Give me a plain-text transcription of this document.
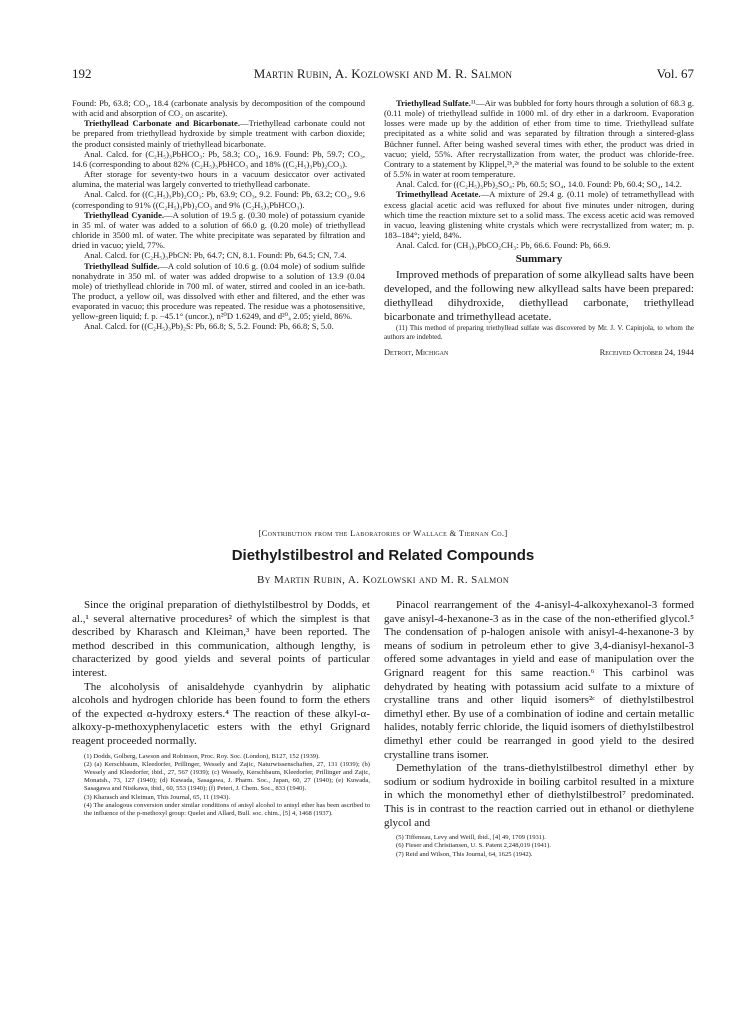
192	Martin Rubin, A. Kozlowski and M. R. Salmon	Vol. 67

Found: Pb, 63.8; CO₃, 18.4 (carbonate analysis by decomposition of the compound with acid and absorption of CO₂ on ascarite).

Triethyllead Carbonate and Bicarbonate.—Triethyllead carbonate could not be prepared from triethyllead hydroxide by simple treatment with carbon dioxide; the product consisted mainly of triethyllead bicarbonate.

Anal. Calcd. for (C₂H₅)₃PbHCO₃: Pb, 58.3; CO₃, 16.9. Found: Pb, 59.7; CO₃, 14.6 (corresponding to about 82% (C₂H₅)₃PbHCO₃ and 18% ((C₂H₅)₃Pb)₂CO₃).

After storage for seventy-two hours in a vacuum desiccator over activated alumina, the material was largely converted to triethyllead carbonate.

Anal. Calcd. for ((C₂H₅)₃Pb)₂CO₃: Pb, 63.9; CO₃, 9.2. Found: Pb, 63.2; CO₃, 9.6 (corresponding to 91% ((C₂H₅)₃Pb)₂CO₃ and 9% (C₂H₅)₃PbHCO₃).

Triethyllead Cyanide.—A solution of 19.5 g. (0.30 mole) of potassium cyanide in 35 ml. of water was added to a solution of 66.0 g. (0.20 mole) of triethyllead chloride in 3500 ml. of water. The white precipitate was separated by filtration and dried in vacuo; yield, 77%.

Anal. Calcd. for (C₂H₅)₃PbCN: Pb, 64.7; CN, 8.1. Found: Pb, 64.5; CN, 7.4.

Triethyllead Sulfide.—A cold solution of 10.6 g. (0.04 mole) of sodium sulfide nonahydrate in 350 ml. of water was added dropwise to a solution of 13.9 (0.04 mole) of triethyllead chloride in 700 ml. of water, stirred and cooled in an ice-bath. The product, a yellow oil, was dissolved with ether and filtered, and the ether was evaporated in vacuo; this procedure was repeated. The residue was a photosensitive, yellow-green liquid; f. p. −45.1° (uncor.), n²⁰D 1.6249, and d²⁰₄ 2.05; yield, 86%.

Anal. Calcd. for ((C₂H₅)₃Pb)₂S: Pb, 66.8; S, 5.2. Found: Pb, 66.8; S, 5.0.

Triethyllead Sulfate.¹¹—Air was bubbled for forty hours through a solution of 68.3 g. (0.11 mole) of triethyllead sulfide in 1000 ml. of dry ether in a darkroom. Evaporation losses were made up by the addition of ether from time to time. Triethyllead sulfate precipitated as a white solid and was separated by filtration through a sintered-glass Büchner funnel. After being washed several times with ether, the product was dried in vacuo; yield, 55%. After recrystallization from water, the product was chloride-free. Contrary to a statement by Klippel,²ᵇ,²ᵉ the material was found to be soluble to the extent of 5.5% in water at room temperature.

Anal. Calcd. for ((C₂H₅)₃Pb)₂SO₄: Pb, 60.5; SO₄, 14.0. Found: Pb, 60.4; SO₄, 14.2.

Trimethyllead Acetate.—A mixture of 29.4 g. (0.11 mole) of tetramethyllead with excess glacial acetic acid was refluxed for about five minutes under nitrogen, during which time the reaction mixture set to a solid mass. The excess acetic acid was removed in vacuo, leaving glistening white crystals which were recrystallized from water; m. p. 183–184°; yield, 84%.

Anal. Calcd. for (CH₃)₃PbCO₂CH₃: Pb, 66.6. Found: Pb, 66.9.

Summary

Improved methods of preparation of some alkyllead salts have been developed, and the following new alkyllead salts have been prepared: diethyllead dihydroxide, diethyllead carbonate, triethyllead bicarbonate and trimethyllead acetate.

(11) This method of preparing triethyllead sulfate was discovered by Mr. J. V. Capinjola, to whom the authors are indebted.

Detroit, Michigan	Received October 24, 1944
[Contribution from the Laboratories of Wallace & Tiernan Co.]
Diethylstilbestrol and Related Compounds
By Martin Rubin, A. Kozlowski and M. R. Salmon

Since the original preparation of diethylstilbestrol by Dodds, et al.,¹ several alternative procedures² of which the simplest is that described by Kharasch and Kleiman,³ have been reported. The method described in this communication, although lengthy, is characterized by good yields and several points of particular interest.

The alcoholysis of anisaldehyde cyanhydrin by aliphatic alcohols and hydrogen chloride has been found to form the ethers of the expected α-hydroxy esters.⁴ The reaction of these alkyl-α-alkoxy-p-methoxyphenylacetic esters with the ethyl Grignard reagent proceeded normally.

(1) Dodds, Golberg, Lawson and Robinson, Proc. Roy. Soc. (London), B127, 152 (1939).

(2) (a) Kerschbaum, Kleedorfer, Prillinger, Wessely and Zajic, Naturwissenschaften, 27, 131 (1939); (b) Wessely and Kleedorfer, ibid., 27, 567 (1939); (c) Wessely, Kerschbaum, Kleedorfer, Prillinger and Zajic, Monatsh., 73, 127 (1940); (d) Kuwada, Sasagawa, J. Pharm. Soc., Japan, 60, 27 (1940); (e) Kuwada, Sasagawa and Nisikawa, ibid., 60, 553 (1940); (f) Peteri, J. Chem. Soc., 833 (1940).

(3) Kharasch and Kleiman, This Journal, 65, 11 (1943).

(4) The analogous conversion under similar conditions of anisyl alcohol to anisyl ether has been ascribed to the influence of the p-methoxyl group: Quelet and Allard, Bull. soc. chim., [5] 4, 1468 (1937).

Pinacol rearrangement of the 4-anisyl-4-alkoxyhexanol-3 formed gave anisyl-4-hexanone-3 as in the case of the non-etherified glycol.⁵ The condensation of p-halogen anisole with anisyl-4-hexanone-3 by means of sodium in petroleum ether to give 3,4-dianisyl-hexanol-3 offered some advantages in yield and ease of manipulation over the Grignard reagent for this same reaction.⁶ This carbinol was dehydrated by heating with potassium acid sulfate to a mixture of crystalline trans and other liquid isomers²ᶜ of diethylstilbestrol dimethyl ether. By use of a combination of iodine and certain metallic halides, notably ferric chloride, the liquid isomers of diethylstilbestrol dimethyl ether could be rearranged in good yield to the desired crystalline trans isomer.

Demethylation of the trans-diethylstilbestrol dimethyl ether by sodium or sodium hydroxide in boiling carbitol resulted in a mixture in which the monomethyl ether of diethylstilbestrol⁷ predominated. This is in contrast to the reaction carried out in ethanol or diethylene glycol and

(5) Tiffeneau, Levy and Weill, ibid., [4] 49, 1709 (1931).

(6) Fieser and Christiansen, U. S. Patent 2,248,019 (1941).

(7) Reid and Wilson, This Journal, 64, 1625 (1942).
